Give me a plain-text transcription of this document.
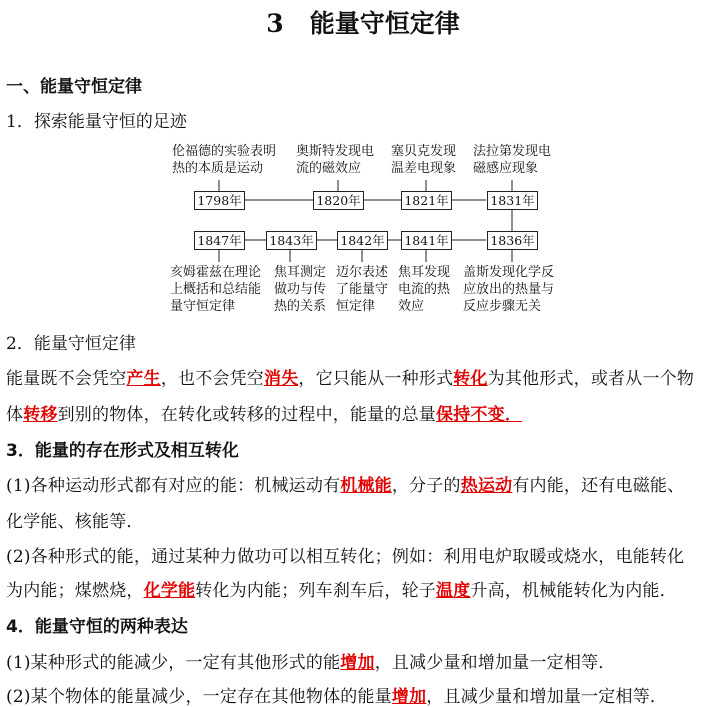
3 能量守恒定律
一、能量守恒定律
1．探索能量守恒的足迹
伦福德的实验表明
热的本质是运动
奥斯特发现电
流的磁效应
塞贝克发现
温差电现象
法拉第发现电
磁感应现象
1798年	1820年	1821年	1831年
1847年 1843年 1842年 1841年	1836年
亥姆霍兹在理论
上概括和总结能
量守恒定律
焦耳测定
做功与传
热的关系
迈尔表述
了能量守
恒定律
焦耳发现
电流的热
效应
盖斯发现化学反
应放出的热量与
反应步骤无关
2．能量守恒定律
能量既不会凭空产生，也不会凭空消失，它只能从一种形式转化为其他形式，或者从一个物
体转移到别的物体，在转化或转移的过程中，能量的总量保持不变．
3．能量的存在形式及相互转化
(1)各种运动形式都有对应的能：机械运动有机械能，分子的热运动有内能，还有电磁能、
化学能、核能等．
(2)各种形式的能，通过某种力做功可以相互转化；例如：利用电炉取暖或烧水，电能转化
为内能；煤燃烧，化学能转化为内能；列车刹车后，轮子温度升高，机械能转化为内能．
4．能量守恒的两种表达
(1)某种形式的能减少，一定有其他形式的能增加，且减少量和增加量一定相等．
(2)某个物体的能量减少，一定存在其他物体的能量增加，且减少量和增加量一定相等．
